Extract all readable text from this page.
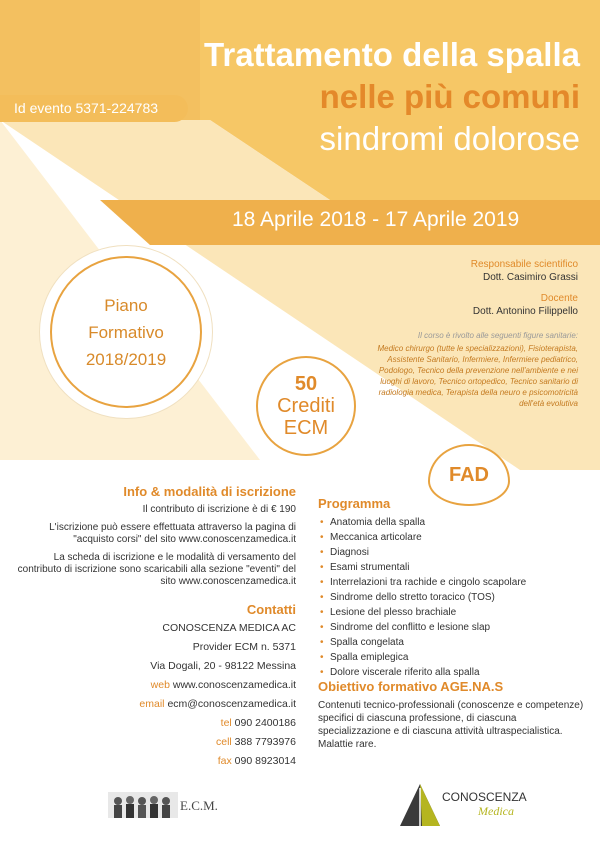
Trattamento della spalla
nelle più comuni
sindromi dolorose
Id evento 5371-224783
18 Aprile 2018 - 17 Aprile 2019
Piano
Formativo
2018/2019
50
Crediti
ECM
FAD
Responsabile scientifico
Dott. Casimiro Grassi
Docente
Dott. Antonino Filippello
Il corso è rivolto alle seguenti figure sanitarie:
Medico chirurgo (tutte le specializzazioni), Fisioterapista, Assistente Sanitario, Infermiere, Infermiere pediatrico, Podologo, Tecnico della prevenzione nell'ambiente e nei luoghi di lavoro, Tecnico ortopedico, Tecnico sanitario di radiologia medica, Terapista della neuro e psicomotricità dell'età evolutiva
Info & modalità di iscrizione

Il contributo di iscrizione è di € 190

L'iscrizione può essere effettuata attraverso la pagina di "acquisto corsi" del sito www.conoscenzamedica.it

La scheda di iscrizione e le modalità di versamento del contributo di iscrizione sono scaricabili alla sezione "eventi" del sito www.conoscenzamedica.it

Contatti
CONOSCENZA MEDICA AC
Provider ECM n. 5371
Via Dogali, 20 - 98122 Messina
web www.conoscenzamedica.it
email ecm@conoscenzamedica.it
tel 090 2400186
cell 388 7793976
fax 090 8923014
Programma
• Anatomia della spalla
• Meccanica articolare
• Diagnosi
• Esami strumentali
• Interrelazioni tra rachide e cingolo scapolare
• Sindrome dello stretto toracico (TOS)
• Lesione del plesso brachiale
• Sindrome del conflitto e lesione slap
• Spalla congelata
• Spalla emiplegica
• Dolore viscerale riferito alla spalla
Obiettivo formativo AGE.NA.S

Contenuti tecnico-professionali (conoscenze e competenze) specifici di ciascuna professione, di ciascuna specializzazione e di ciascuna attività ultraspecialistica. Malattie rare.

E.C.M.
CONOSCENZA
Medica
